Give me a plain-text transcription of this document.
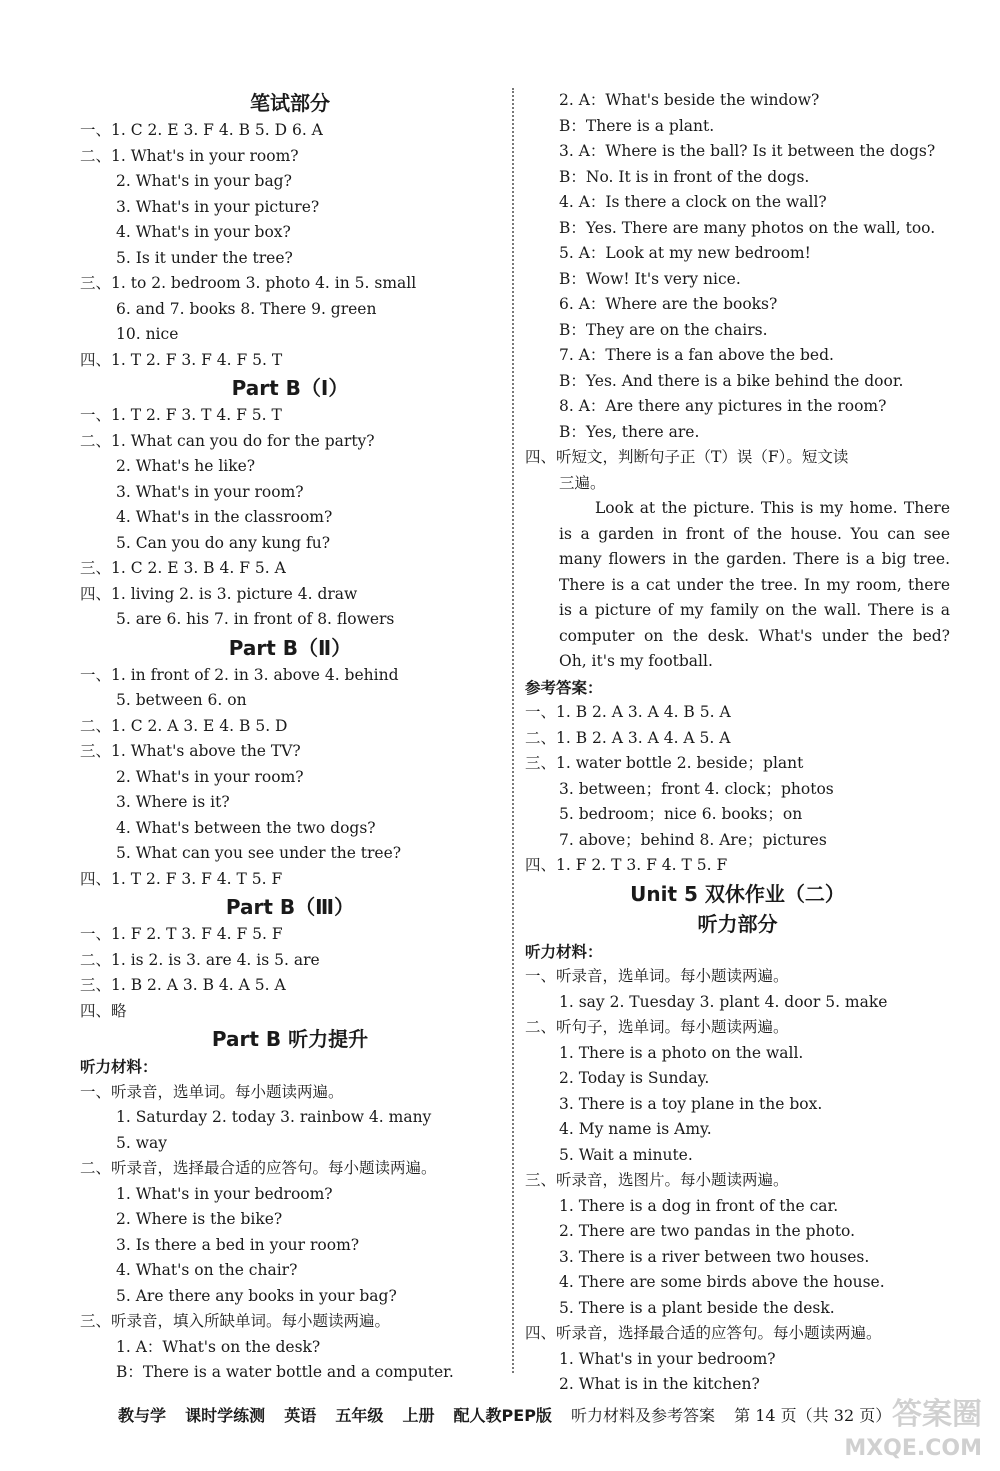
笔试部分
一、1. C 2. E 3. F 4. B 5. D 6. A
二、1. What's in your room?
2. What's in your bag?
3. What's in your picture?
4. What's in your box?
5. Is it under the tree?
三、1. to 2. bedroom 3. photo 4. in 5. small
6. and 7. books 8. There 9. green
10. nice
四、1. T 2. F 3. F 4. F 5. T
Part B（Ⅰ）
一、1. T 2. F 3. T 4. F 5. T
二、1. What can you do for the party?
2. What's he like?
3. What's in your room?
4. What's in the classroom?
5. Can you do any kung fu?
三、1. C 2. E 3. B 4. F 5. A
四、1. living 2. is 3. picture 4. draw
5. are 6. his 7. in front of 8. flowers
Part B（Ⅱ）
一、1. in front of 2. in 3. above 4. behind
5. between 6. on
二、1. C 2. A 3. E 4. B 5. D
三、1. What's above the TV?
2. What's in your room?
3. Where is it?
4. What's between the two dogs?
5. What can you see under the tree?
四、1. T 2. F 3. F 4. T 5. F
Part B（Ⅲ）
一、1. F 2. T 3. F 4. F 5. F
二、1. is 2. is 3. are 4. is 5. are
三、1. B 2. A 3. B 4. A 5. A
四、略
Part B 听力提升
听力材料：
一、听录音，选单词。每小题读两遍。
1. Saturday 2. today 3. rainbow 4. many
5. way
二、听录音，选择最合适的应答句。每小题读两遍。
1. What's in your bedroom?
2. Where is the bike?
3. Is there a bed in your room?
4. What's on the chair?
5. Are there any books in your bag?
三、听录音，填入所缺单词。每小题读两遍。
1. A：What's on the desk?
B：There is a water bottle and a computer.
2. A：What's beside the window?
B：There is a plant.
3. A：Where is the ball? Is it between the dogs?
B：No. It is in front of the dogs.
4. A：Is there a clock on the wall?
B：Yes. There are many photos on the wall, too.
5. A：Look at my new bedroom!
B：Wow! It's very nice.
6. A：Where are the books?
B：They are on the chairs.
7. A：There is a fan above the bed.
B：Yes. And there is a bike behind the door.
8. A：Are there any pictures in the room?
B：Yes, there are.
四、听短文，判断句子正（T）误（F）。短文读
三遍。
Look at the picture. This is my home. There is a garden in front of the house. You can see many flowers in the garden. There is a big tree. There is a cat under the tree. In my room, there is a picture of my family on the wall. There is a computer on the desk. What's under the bed? Oh, it's my football.
参考答案：
一、1. B 2. A 3. A 4. B 5. A
二、1. B 2. A 3. A 4. A 5. A
三、1. water bottle 2. beside；plant
3. between；front 4. clock；photos
5. bedroom；nice 6. books；on
7. above；behind 8. Are；pictures
四、1. F 2. T 3. F 4. T 5. F
Unit 5 双休作业（二）
听力部分
听力材料：
一、听录音，选单词。每小题读两遍。
1. say 2. Tuesday 3. plant 4. door 5. make
二、听句子，选单词。每小题读两遍。
1. There is a photo on the wall.
2. Today is Sunday.
3. There is a toy plane in the box.
4. My name is Amy.
5. Wait a minute.
三、听录音，选图片。每小题读两遍。
1. There is a dog in front of the car.
2. There are two pandas in the photo.
3. There is a river between two houses.
4. There are some birds above the house.
5. There is a plant beside the desk.
四、听录音，选择最合适的应答句。每小题读两遍。
1. What's in your bedroom?
2. What is in the kitchen?
教与学 课时学练测 英语 五年级 上册 配人教PEP版 听力材料及参考答案 第 14 页（共 32 页） 答案圈
MXQE.COM
